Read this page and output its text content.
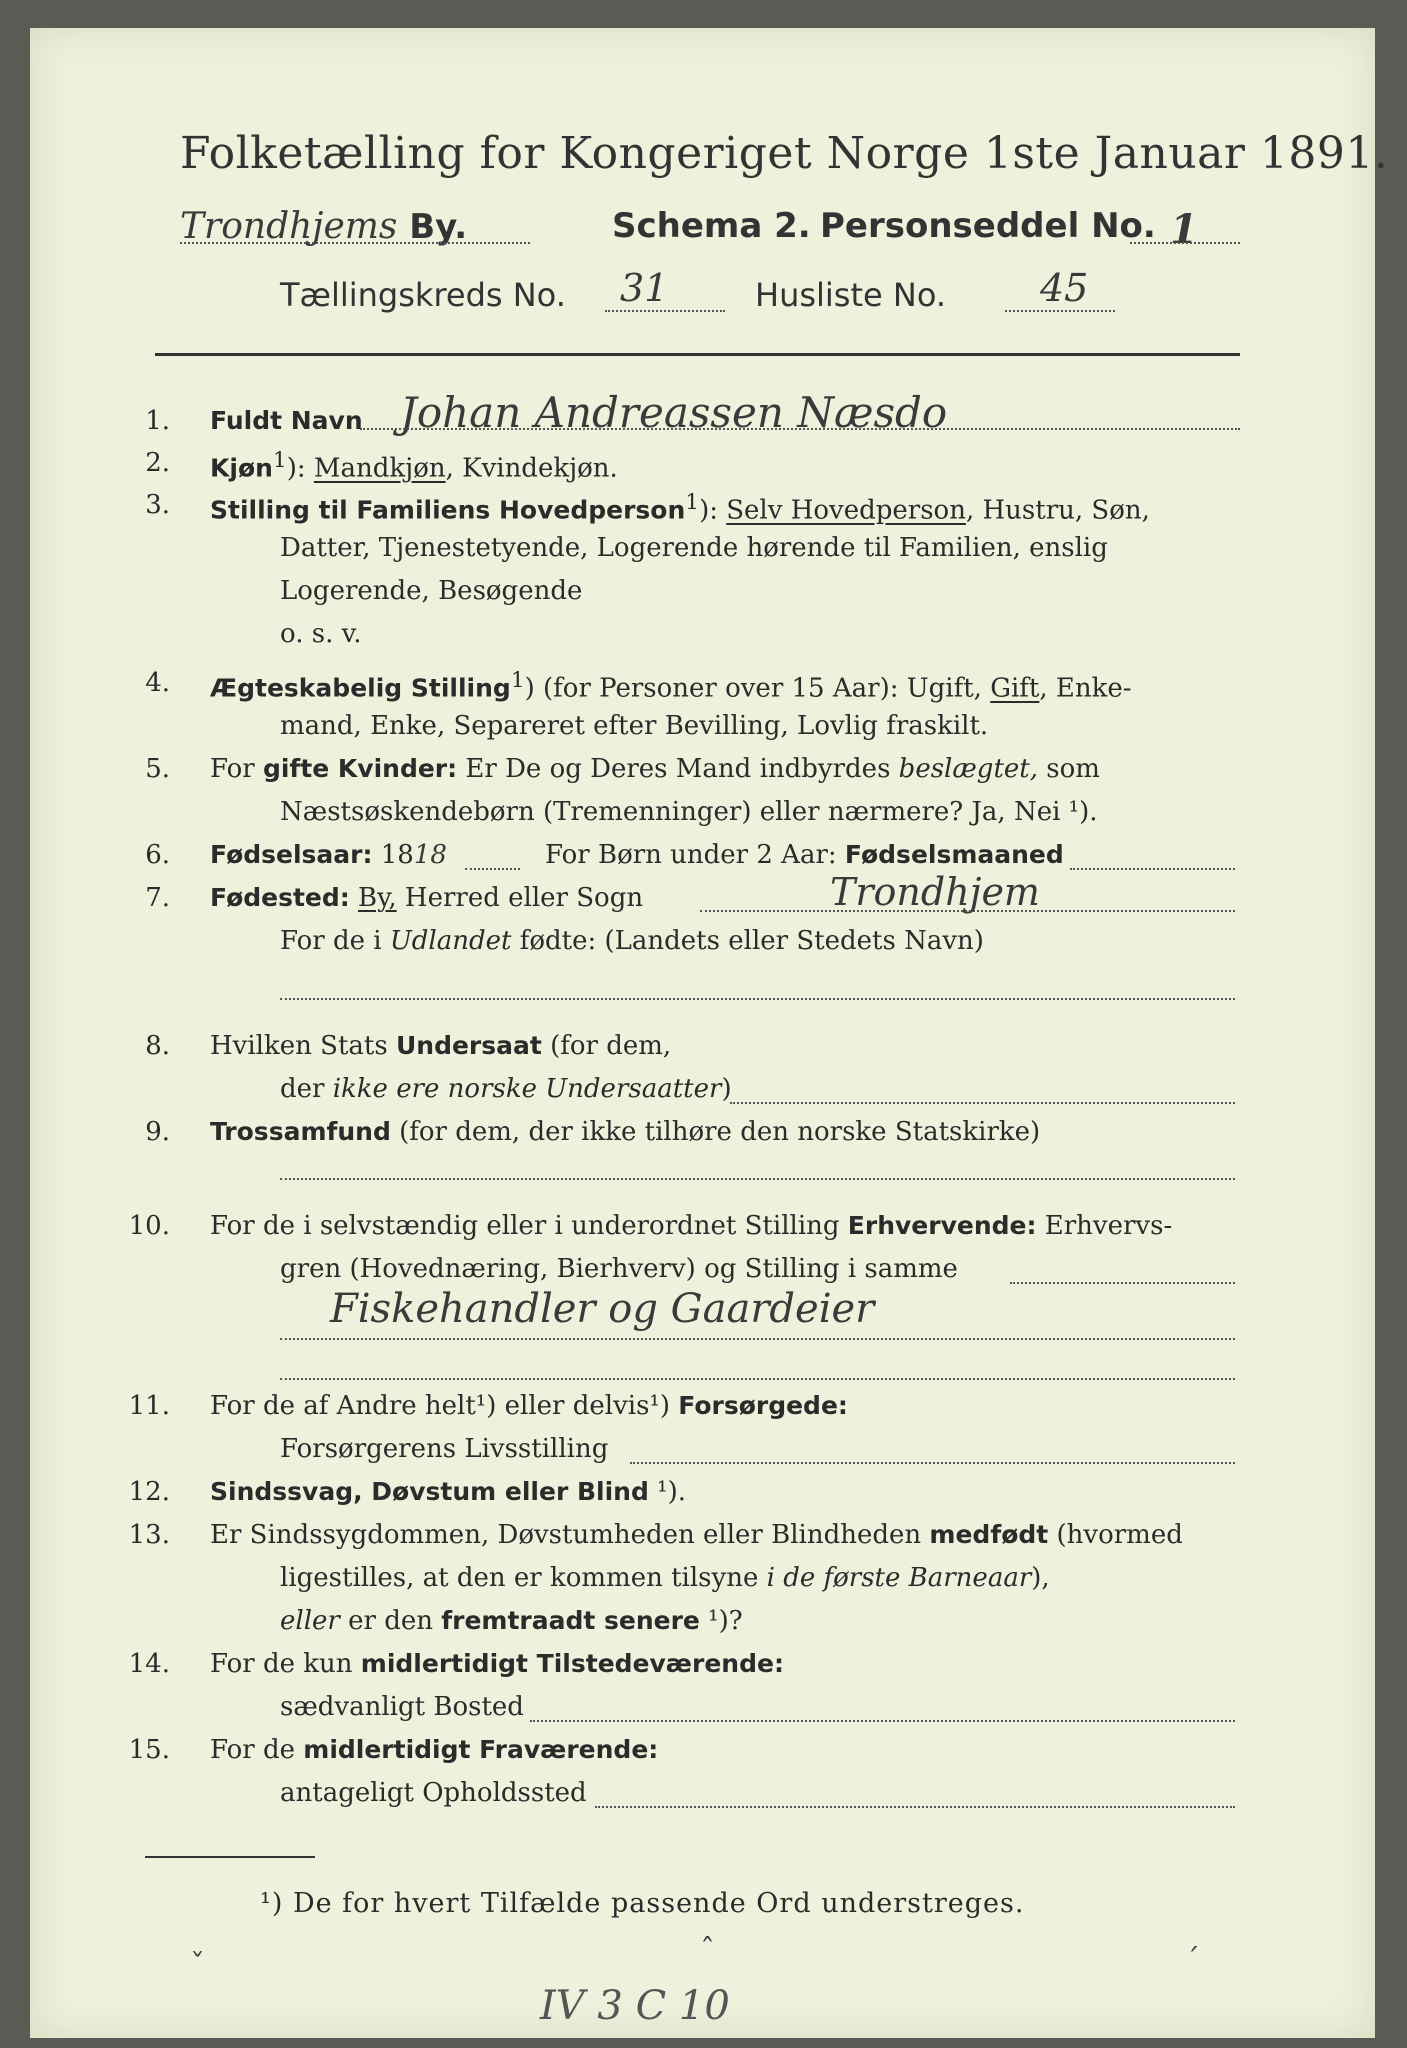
Folketælling for Kongeriget Norge 1ste Januar 1891.
Trondhjems By.	Schema 2. Personseddel No. 1
Tællingskreds No. 31	Husliste No. 45
1. Fuldt Navn Johan Andreassen Næsdo
2. Kjøn$^1$): Mandkjøn, Kvindekjøn.
3. Stilling til Familiens Hovedperson$^1$): Selv Hovedperson, Hustru, Søn,
Datter, Tjenestetyende, Logerende hørende til Familien, enslig
Logerende, Besøgende
o. s. v.
4. Ægteskabelig Stilling$^1$) (for Personer over 15 Aar): Ugift, Gift, Enke-
mand, Enke, Separeret efter Bevilling, Lovlig fraskilt.
5. For gifte Kvinder: Er De og Deres Mand indbyrdes beslægtet, som
Næstsøskendebørn (Tremenninger) eller nærmere? Ja, Nei ¹).
6. Fødselsaar: 1818	For Børn under 2 Aar: Fødselsmaaned
7. Fødested: By, Herred eller Sogn	Trondhjem
For de i Udlandet fødte: (Landets eller Stedets Navn)
8. Hvilken Stats Undersaat (for dem,
der ikke ere norske Undersaatter)
9. Trossamfund (for dem, der ikke tilhøre den norske Statskirke)
10. For de i selvstændig eller i underordnet Stilling Erhvervende: Erhvervs-
gren (Hovednæring, Bierhverv) og Stilling i samme
Fiskehandler og Gaardeier
11. For de af Andre helt¹) eller delvis¹) Forsørgede:
Forsørgerens Livsstilling
12. Sindssvag, Døvstum eller Blind ¹).
13. Er Sindssygdommen, Døvstumheden eller Blindheden medfødt (hvormed
ligestilles, at den er kommen tilsyne i de første Barneaar),
eller er den fremtraadt senere ¹)?
14. For de kun midlertidigt Tilstedeværende:
sædvanligt Bosted
15. For de midlertidigt Fraværende:
antageligt Opholdssted
¹) De for hvert Tilfælde passende Ord understreges.
ˇ	ˆ	ˊ
IV 3 C 10
